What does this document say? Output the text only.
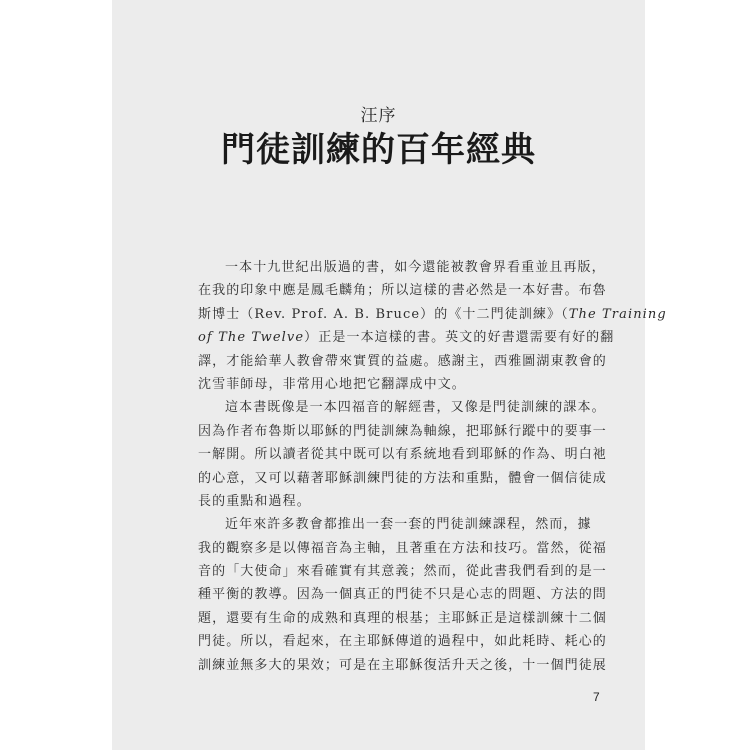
汪序
門徒訓練的百年經典
一本十九世紀出版過的書，如今還能被教會界看重並且再版，
在我的印象中應是鳳毛麟角；所以這樣的書必然是一本好書。布魯
斯博士（Rev. Prof. A. B. Bruce）的《十二門徒訓練》（The Training
of The Twelve）正是一本這樣的書。英文的好書還需要有好的翻
譯，才能給華人教會帶來實質的益處。感謝主，西雅圖湖東教會的
沈雪菲師母，非常用心地把它翻譯成中文。
這本書既像是一本四福音的解經書，又像是門徒訓練的課本。
因為作者布魯斯以耶穌的門徒訓練為軸線，把耶穌行蹤中的要事一
一解開。所以讀者從其中既可以有系統地看到耶穌的作為、明白祂
的心意，又可以藉著耶穌訓練門徒的方法和重點，體會一個信徒成
長的重點和過程。
近年來許多教會都推出一套一套的門徒訓練課程，然而，據
我的觀察多是以傳福音為主軸，且著重在方法和技巧。當然，從福
音的「大使命」來看確實有其意義；然而，從此書我們看到的是一
種平衡的教導。因為一個真正的門徒不只是心志的問題、方法的問
題，還要有生命的成熟和真理的根基；主耶穌正是這樣訓練十二個
門徒。所以，看起來，在主耶穌傳道的過程中，如此耗時、耗心的
訓練並無多大的果效；可是在主耶穌復活升天之後，十一個門徒展
7
